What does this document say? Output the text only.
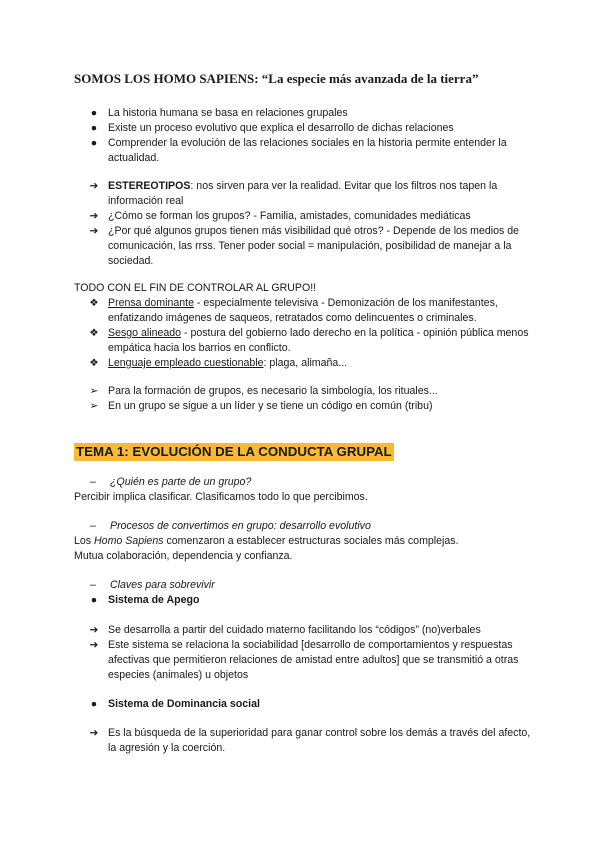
SOMOS LOS HOMO SAPIENS: “La especie más avanzada de la tierra”
●	La historia humana se basa en relaciones grupales
●	Existe un proceso evolutivo que explica el desarrollo de dichas relaciones
●	Comprender la evolución de las relaciones sociales en la historia permite entender la actualidad.
➔ ESTEREOTIPOS: nos sirven para ver la realidad. Evitar que los filtros nos tapen la información real
➔ ¿Cómo se forman los grupos? - Familia, amistades, comunidades mediáticas
➔ ¿Por qué algunos grupos tienen más visibilidad qué otros? - Depende de los medios de comunicación, las rrss. Tener poder social = manipulación, posibilidad de manejar a la sociedad.
TODO CON EL FIN DE CONTROLAR AL GRUPO!!
❖ Prensa dominante - especialmente televisiva - Demonización de los manifestantes, enfatizando imágenes de saqueos, retratados como delincuentes o criminales.
❖ Sesgo alineado - postura del gobierno lado derecho en la política - opinión pública menos empática hacia los barrios en conflicto.
❖ Lenguaje empleado cuestionable: plaga, alimaña...
➢ Para la formación de grupos, es necesario la simbología, los rituales...
➢ En un grupo se sigue a un líder y se tiene un código en común (tribu)
TEMA 1: EVOLUCIÓN DE LA CONDUCTA GRUPAL
– ¿Quién es parte de un grupo?
Percibir implica clasificar. Clasificamos todo lo que percibimos.
– Procesos de convertimos en grupo: desarrollo evolutivo
Los Homo Sapiens comenzaron a establecer estructuras sociales más complejas.
Mutua colaboración, dependencia y confianza.
– Claves para sobrevivir
●	Sistema de Apego
➔ Se desarrolla a partir del cuidado materno facilitando los “códigos” (no)verbales
➔ Este sistema se relaciona la sociabilidad [desarrollo de comportamientos y respuestas afectivas que permitieron relaciones de amistad entre adultos] que se transmitió a otras especies (animales) u objetos
●	Sistema de Dominancia social
➔ Es la búsqueda de la superioridad para ganar control sobre los demás a través del afecto, la agresión y la coerción.
